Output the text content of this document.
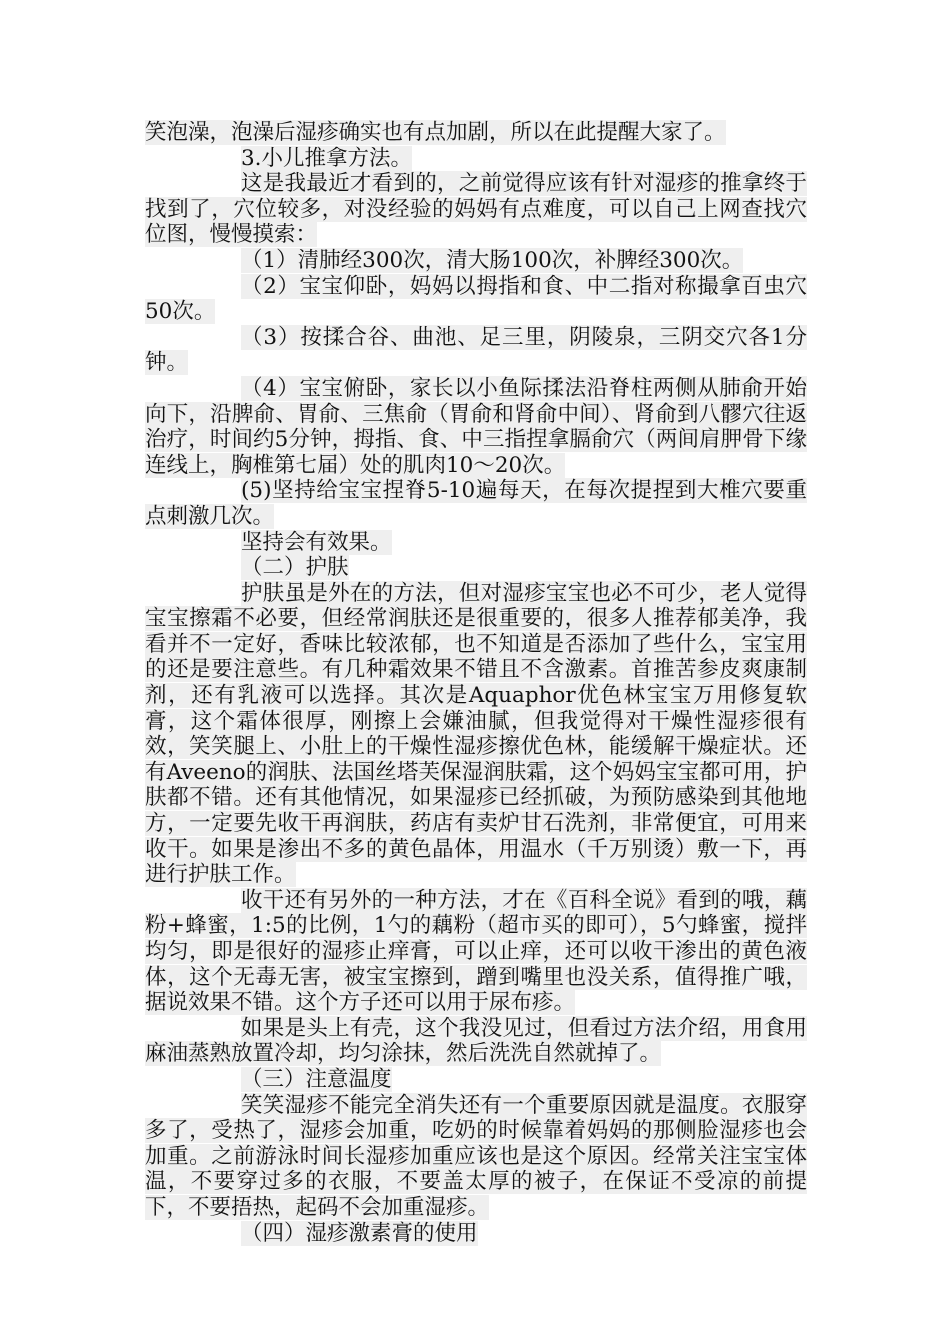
笑泡澡，泡澡后湿疹确实也有点加剧，所以在此提醒大家了。

3.小儿推拿方法。

这是我最近才看到的，之前觉得应该有针对湿疹的推拿终于找到了，穴位较多，对没经验的妈妈有点难度，可以自己上网查找穴位图，慢慢摸索：

（1）清肺经300次，清大肠100次，补脾经300次。

（2）宝宝仰卧，妈妈以拇指和食、中二指对称撮拿百虫穴50次。

（3）按揉合谷、曲池、足三里，阴陵泉，三阴交穴各1分钟。

（4）宝宝俯卧，家长以小鱼际揉法沿脊柱两侧从肺俞开始向下，沿脾俞、胃俞、三焦俞（胃俞和肾俞中间）、肾俞到八髎穴往返治疗，时间约5分钟，拇指、食、中三指捏拿膈俞穴（两间肩胛骨下缘连线上，胸椎第七届）处的肌肉10～20次。

(5)坚持给宝宝捏脊5-10遍每天，在每次提捏到大椎穴要重点刺激几次。

坚持会有效果。

（二）护肤

护肤虽是外在的方法，但对湿疹宝宝也必不可少，老人觉得宝宝擦霜不必要，但经常润肤还是很重要的，很多人推荐郁美净，我看并不一定好，香味比较浓郁，也不知道是否添加了些什么，宝宝用的还是要注意些。有几种霜效果不错且不含激素。首推苦参皮爽康制剂，还有乳液可以选择。其次是Aquaphor优色林宝宝万用修复软膏，这个霜体很厚，刚擦上会嫌油腻，但我觉得对干燥性湿疹很有效，笑笑腿上、小肚上的干燥性湿疹擦优色林，能缓解干燥症状。还有Aveeno的润肤、法国丝塔芙保湿润肤霜，这个妈妈宝宝都可用，护肤都不错。还有其他情况，如果湿疹已经抓破，为预防感染到其他地方，一定要先收干再润肤，药店有卖炉甘石洗剂，非常便宜，可用来收干。如果是渗出不多的黄色晶体，用温水（千万别烫）敷一下，再进行护肤工作。

收干还有另外的一种方法，才在《百科全说》看到的哦，藕粉+蜂蜜，1:5的比例，1勺的藕粉（超市买的即可），5勺蜂蜜，搅拌均匀，即是很好的湿疹止痒膏，可以止痒，还可以收干渗出的黄色液体，这个无毒无害，被宝宝擦到，蹭到嘴里也没关系，值得推广哦，据说效果不错。这个方子还可以用于尿布疹。

如果是头上有壳，这个我没见过，但看过方法介绍，用食用麻油蒸熟放置冷却，均匀涂抹，然后洗洗自然就掉了。

（三）注意温度

笑笑湿疹不能完全消失还有一个重要原因就是温度。衣服穿多了，受热了，湿疹会加重，吃奶的时候靠着妈妈的那侧脸湿疹也会加重。之前游泳时间长湿疹加重应该也是这个原因。经常关注宝宝体温，不要穿过多的衣服，不要盖太厚的被子，在保证不受凉的前提下，不要捂热，起码不会加重湿疹。

（四）湿疹激素膏的使用
